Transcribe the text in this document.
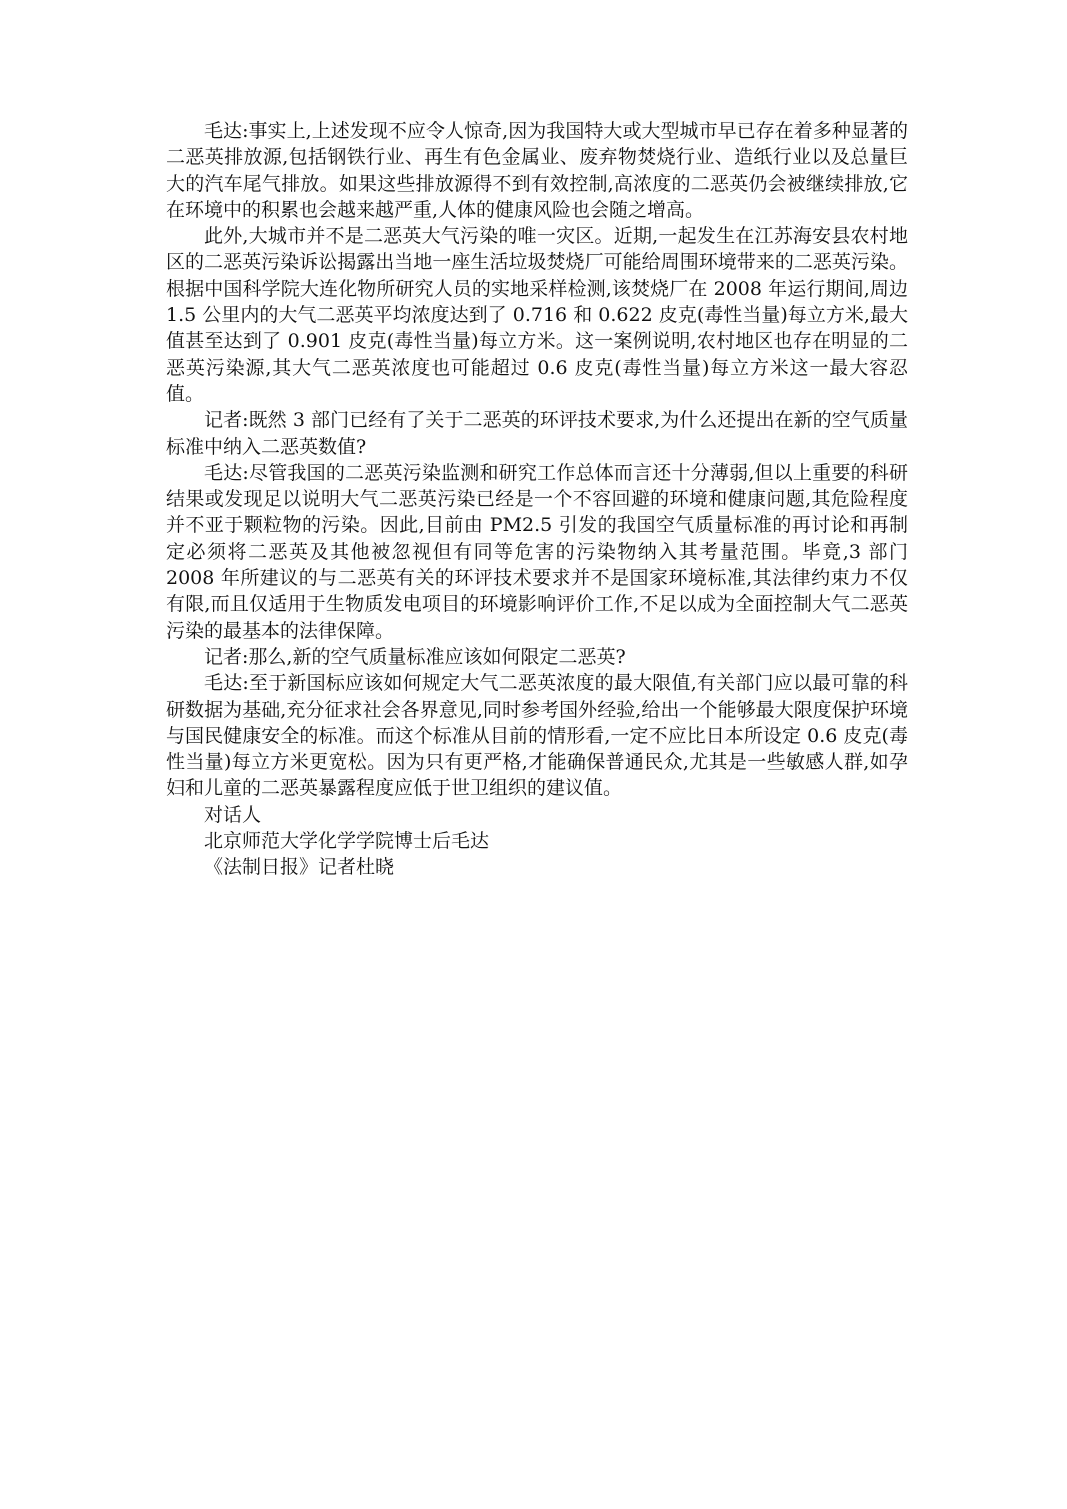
毛达:事实上,上述发现不应令人惊奇,因为我国特大或大型城市早已存在着多种显著的二恶英排放源,包括钢铁行业、再生有色金属业、废弃物焚烧行业、造纸行业以及总量巨大的汽车尾气排放。如果这些排放源得不到有效控制,高浓度的二恶英仍会被继续排放,它在环境中的积累也会越来越严重,人体的健康风险也会随之增高。

此外,大城市并不是二恶英大气污染的唯一灾区。近期,一起发生在江苏海安县农村地区的二恶英污染诉讼揭露出当地一座生活垃圾焚烧厂可能给周围环境带来的二恶英污染。根据中国科学院大连化物所研究人员的实地采样检测,该焚烧厂在 2008 年运行期间,周边 1.5 公里内的大气二恶英平均浓度达到了 0.716 和 0.622 皮克(毒性当量)每立方米,最大值甚至达到了 0.901 皮克(毒性当量)每立方米。这一案例说明,农村地区也存在明显的二恶英污染源,其大气二恶英浓度也可能超过 0.6 皮克(毒性当量)每立方米这一最大容忍值。

记者:既然 3 部门已经有了关于二恶英的环评技术要求,为什么还提出在新的空气质量标准中纳入二恶英数值?

毛达:尽管我国的二恶英污染监测和研究工作总体而言还十分薄弱,但以上重要的科研结果或发现足以说明大气二恶英污染已经是一个不容回避的环境和健康问题,其危险程度并不亚于颗粒物的污染。因此,目前由 PM2.5 引发的我国空气质量标准的再讨论和再制定必须将二恶英及其他被忽视但有同等危害的污染物纳入其考量范围。毕竟,3 部门 2008 年所建议的与二恶英有关的环评技术要求并不是国家环境标准,其法律约束力不仅有限,而且仅适用于生物质发电项目的环境影响评价工作,不足以成为全面控制大气二恶英污染的最基本的法律保障。

记者:那么,新的空气质量标准应该如何限定二恶英?

毛达:至于新国标应该如何规定大气二恶英浓度的最大限值,有关部门应以最可靠的科研数据为基础,充分征求社会各界意见,同时参考国外经验,给出一个能够最大限度保护环境与国民健康安全的标准。而这个标准从目前的情形看,一定不应比日本所设定 0.6 皮克(毒性当量)每立方米更宽松。因为只有更严格,才能确保普通民众,尤其是一些敏感人群,如孕妇和儿童的二恶英暴露程度应低于世卫组织的建议值。

对话人

北京师范大学化学学院博士后毛达

《法制日报》记者杜晓
